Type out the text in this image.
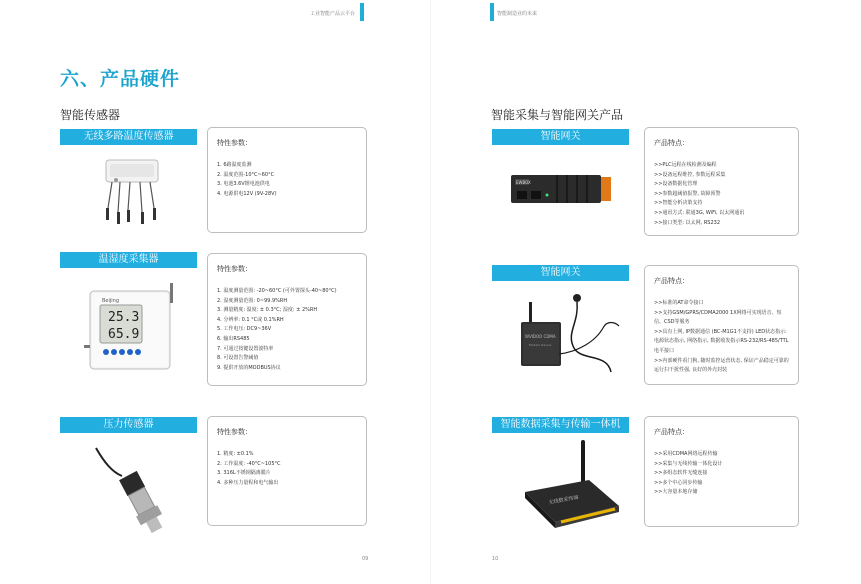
工业智能产品云平台
六、产品硬件
智能传感器
无线多路温度传感器
特性参数：
1. 6路温度监测
2. 温度范围-10°C~60°C
3. 电池3.6V锂电池供电
4. 电源供电12V (9V-28V)
温湿度采集器
Beijing
25.3
65.9
特性参数：
1. 温度测量范围: -20~60°C (可外置探头-40~80°C)
2. 湿度测量范围: 0~99.9%RH
3. 测量精度: 温度: ± 0.3°C; 湿度: ± 2%RH
4. 分辨率: 0.1 °C或 0.1%RH
5. 工作电压: DC9~36V
6. 输出RS485
7. 可通过按键设置波特率
8. 可设置告警阈值
9. 提供开放的MODBUS协议
压力传感器
特性参数：
1. 精度: ±0.1%
2. 工作温度: -40°C~105°C
3. 316L不锈钢隔离膜片
4. 多种压力量程和电气输出
09
智能制造业的未来
智能采集与智能网关产品
智能网关
EWBOX
产品特点：
>>PLC远程在线检测及编程
>>设备远程维控, 参数远程采集
>>设备数据化管理
>>参数超阈值报警, 故障预警
>>智能分析决策支持
>>通讯方式: 联通3G, WiFi, 以太网通讯
>>接口类型: 以太网, RS232
智能网关
WVIDOO CDMA
Modem Device
产品特点：
>>标准的AT命令接口
>>支持GSM/GPRS/CDMA2000 1X网络可实现语音、短信、CSD等服务
>>具有上网, IP数据通信 (BC-M1G1不支持) LED状态指示: 电源状态指示, 网络指示, 数据收发指示RS-232/RS-485/TTL电平接口
>>内部硬件看门狗, 随时监控运营状态, 保证产品稳定可靠的运行扫干扰性强, 良好的外壳封装
智能数据采集与传输一体机
无线数采终端
产品特点：
>>采用CDMA网络远程传输
>>采集与无线传输一体化设计
>>多组态软件无缝连接
>>多个中心同步传输
>>大容量本地存储
10
